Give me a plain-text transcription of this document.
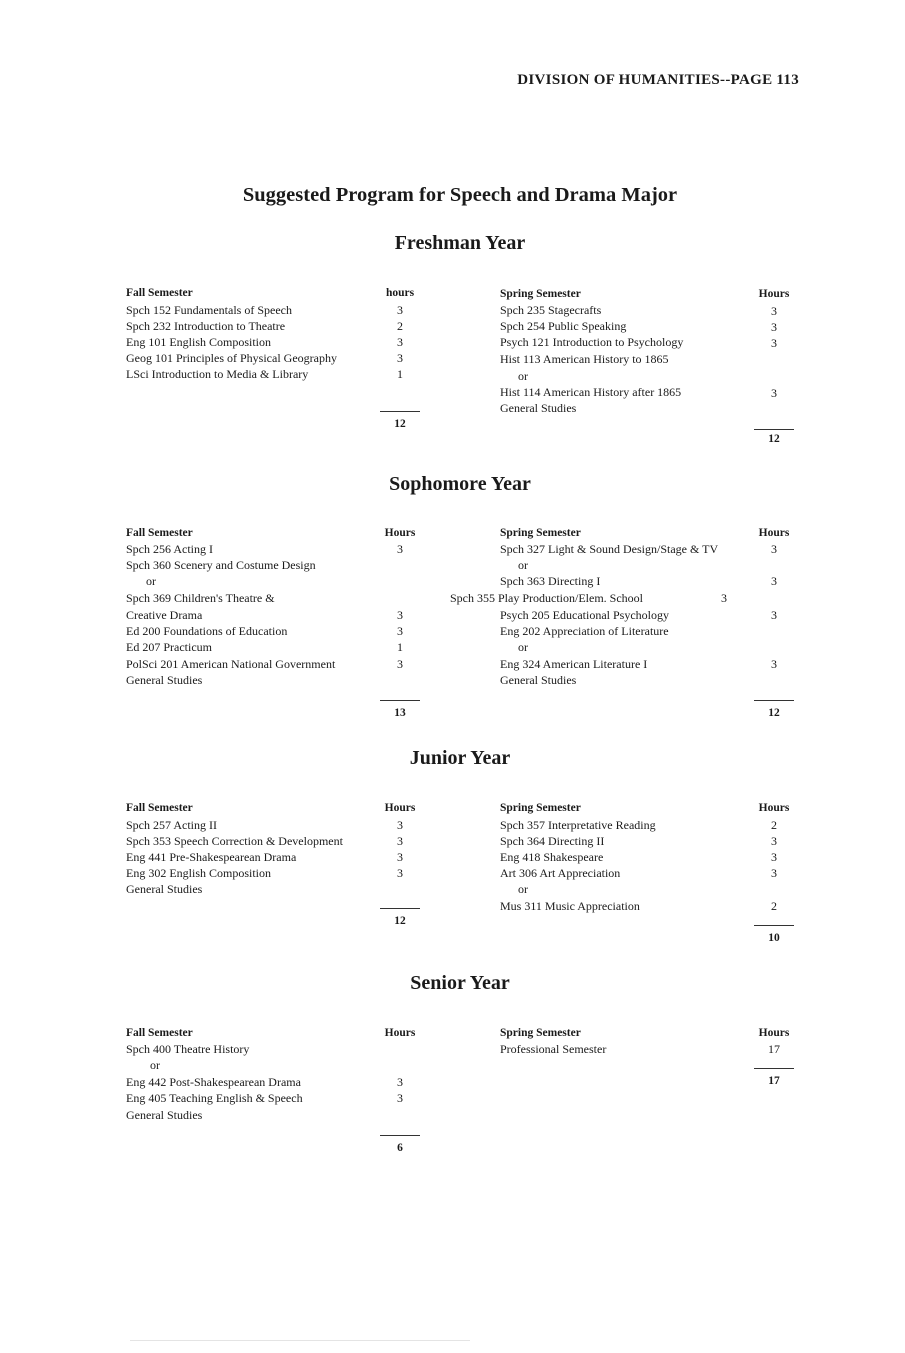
DIVISION OF HUMANITIES--PAGE 113
Suggested Program for Speech and Drama Major
Freshman Year
Fall Semester	hours
Spch 152 Fundamentals of Speech	3
Spch 232 Introduction to Theatre	2
Eng 101 English Composition	3
Geog 101 Principles of Physical Geography	3
LSci Introduction to Media & Library	1
12
Spring Semester	Hours
Spch 235 Stagecrafts	3
Spch 254 Public Speaking	3
Psych 121 Introduction to Psychology	3
Hist 113 American History to 1865
or
Hist 114 American History after 1865	3
General Studies
12
Sophomore Year
Fall Semester	Hours
Spch 256 Acting I	3
Spch 360 Scenery and Costume Design
or
Spch 369 Children's Theatre &
Creative Drama	3
Ed 200 Foundations of Education	3
Ed 207 Practicum	1
PolSci 201 American National Government	3
General Studies
13
Spring Semester	Hours
Spch 327 Light & Sound Design/Stage & TV	3
or
Spch 363 Directing I	3
Spch 355 Play Production/Elem. School	3
Psych 205 Educational Psychology	3
Eng 202 Appreciation of Literature
or
Eng 324 American Literature I	3
General Studies
12
Junior Year
Fall Semester	Hours
Spch 257 Acting II	3
Spch 353 Speech Correction & Development	3
Eng 441 Pre-Shakespearean Drama	3
Eng 302 English Composition	3
General Studies
12
Spring Semester	Hours
Spch 357 Interpretative Reading	2
Spch 364 Directing II	3
Eng 418 Shakespeare	3
Art 306 Art Appreciation	3
or
Mus 311 Music Appreciation	2
10
Senior Year
Fall Semester	Hours
Spch 400 Theatre History
or
Eng 442 Post-Shakespearean Drama	3
Eng 405 Teaching English & Speech	3
General Studies
6
Spring Semester	Hours
Professional Semester	17
17
